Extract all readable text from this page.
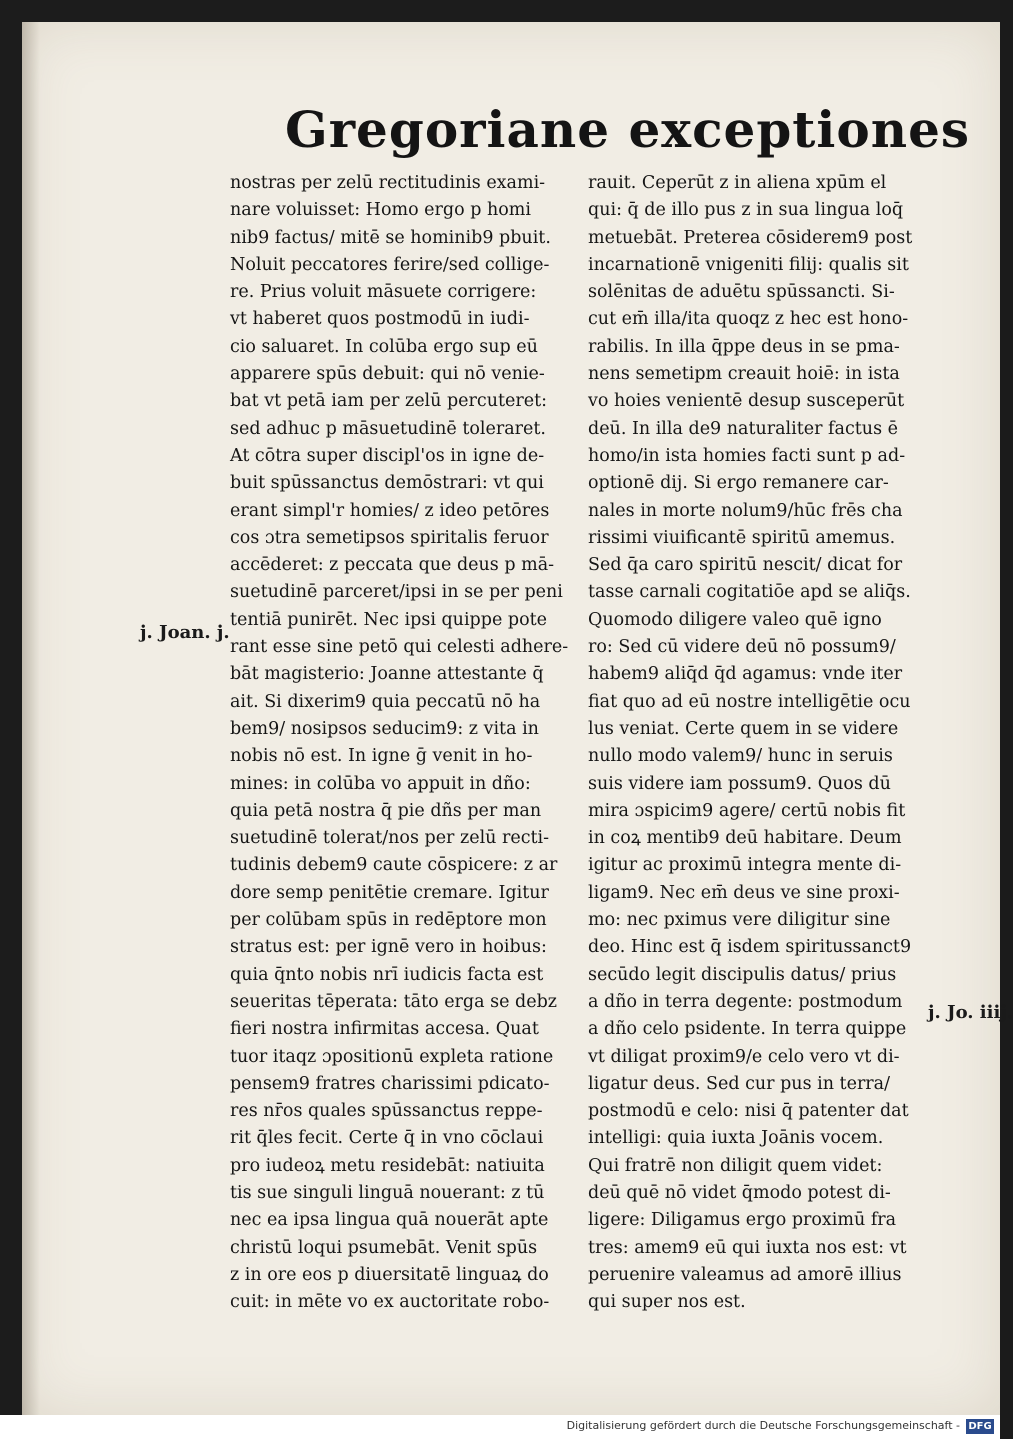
Gregoriane exceptiones
nostras per zelū rectitudinis exami-
nare voluisset: Homo ergo p homi
nib9 factus/ mitē se hominib9 pbuit.
Noluit peccatores ferire/sed collige-
re. Prius voluit māsuete corrigere:
vt haberet quos postmodū in iudi-
cio saluaret. In colūba ergo sup eū
apparere spūs debuit: qui nō venie-
bat vt petā iam per zelū percuteret:
sed adhuc p māsuetudinē toleraret.
At cōtra super discipl'os in igne de-
buit spūssanctus demōstrari: vt qui
erant simpl'r homies/ z ideo petōres
cos ɔtra semetipsos spiritalis feruor
accēderet: z peccata que deus p mā-
suetudinē parceret/ipsi in se per peni
tentiā punirēt. Nec ipsi quippe pote
rant esse sine petō qui celesti adhere-
bāt magisterio: Joanne attestante q̄
ait. Si dixerim9 quia peccatū nō ha
bem9/ nosipsos seducim9: z vita in
nobis nō est. In igne ḡ venit in ho-
mines: in colūba vo appuit in dño:
quia petā nostra q̄ pie dñs per man
suetudinē tolerat/nos per zelū recti-
tudinis debem9 caute cōspicere: z ar
dore semp penitētie cremare. Igitur
per colūbam spūs in redēptore mon
stratus est: per ignē vero in hoibus:
quia q̄nto nobis nrī iudicis facta est
seueritas tēperata: tāto erga se debz
fieri nostra infirmitas accesa. Quat
tuor itaqz ɔpositionū expleta ratione
pensem9 fratres charissimi pdicato-
res nr̄os quales spūssanctus reppe-
rit q̄les fecit. Certe q̄ in vno cōclaui
pro iudeoꝝ metu residebāt: natiuita
tis sue singuli linguā nouerant: z tū
nec ea ipsa lingua quā nouerāt apte
christū loqui psumebāt. Venit spūs
z in ore eos p diuersitatē linguaꝝ do
cuit: in mēte vo ex auctoritate robo-
rauit. Ceperūt z in aliena xpūm el
qui: q̄ de illo pus z in sua lingua loq̄
metuebāt. Preterea cōsiderem9 post
incarnationē vnigeniti filij: qualis sit
solēnitas de aduētu spūssancti. Si-
cut em̄ illa/ita quoqz z hec est hono-
rabilis. In illa q̄ppe deus in se pma-
nens semetipm creauit hoiē: in ista
vo hoies venientē desup susceperūt
deū. In illa de9 naturaliter factus ē
homo/in ista homies facti sunt p ad-
optionē dij. Si ergo remanere car-
nales in morte nolum9/hūc frēs cha
rissimi viuificantē spiritū amemus.
Sed q̄a caro spiritū nescit/ dicat for
tasse carnali cogitatiōe apd se aliq̄s.
Quomodo diligere valeo quē igno
ro: Sed cū videre deū nō possum9/
habem9 aliq̄d q̄d agamus: vnde iter
fiat quo ad eū nostre intelligētie ocu
lus veniat. Certe quem in se videre
nullo modo valem9/ hunc in seruis
suis videre iam possum9. Quos dū
mira ɔspicim9 agere/ certū nobis fit
in coꝝ mentib9 deū habitare. Deum
igitur ac proximū integra mente di-
ligam9. Nec em̄ deus ve sine proxi-
mo: nec pximus vere diligitur sine
deo. Hinc est q̄ isdem spiritussanct9
secūdo legit discipulis datus/ prius
a dño in terra degente: postmodum
a dño celo psidente. In terra quippe
vt diligat proxim9/e celo vero vt di-
ligatur deus. Sed cur pus in terra/
postmodū e celo: nisi q̄ patenter dat
intelligi: quia iuxta Joānis vocem.
Qui fratrē non diligit quem videt:
deū quē nō videt q̄modo potest di-
ligere: Diligamus ergo proximū fra
tres: amem9 eū qui iuxta nos est: vt
peruenire valeamus ad amorē illius
qui super nos est.
j. Joan. j.
j. Jo. iiij.
Digitalisierung gefördert durch die Deutsche Forschungsgemeinschaft - DFG
